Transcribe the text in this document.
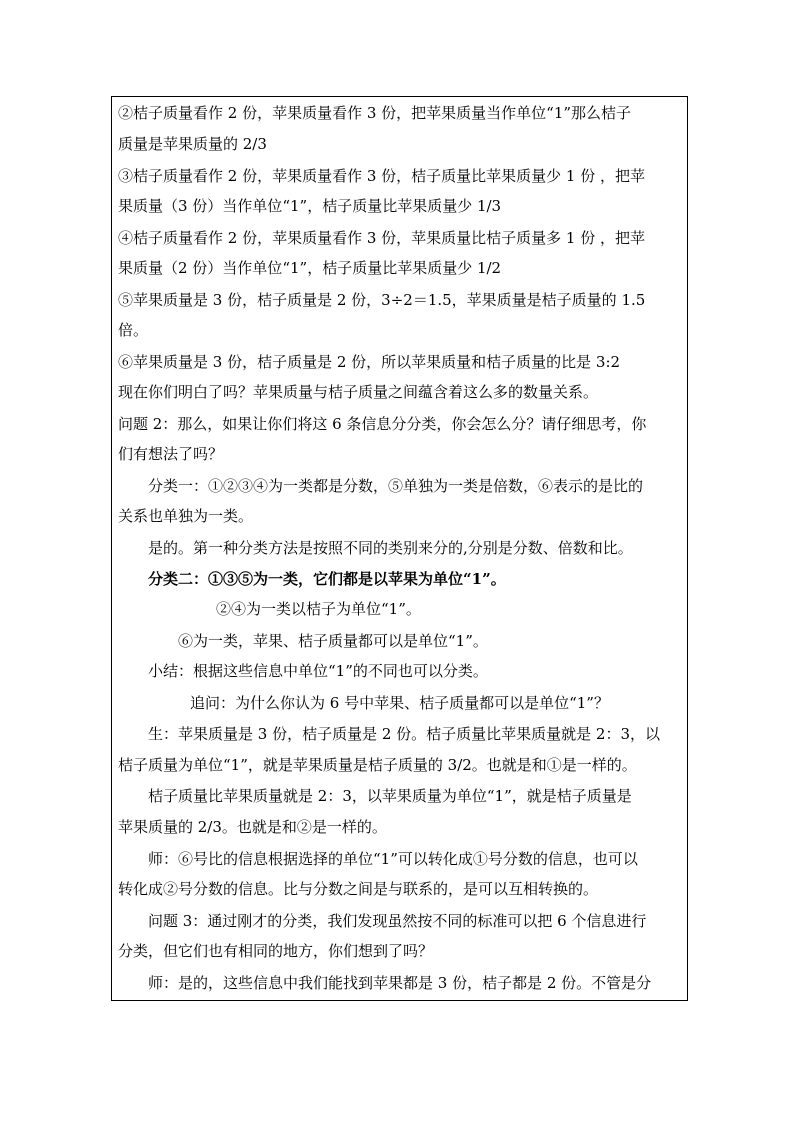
②桔子质量看作 2 份，苹果质量看作 3 份，把苹果质量当作单位“1”那么桔子
质量是苹果质量的 2/3
③桔子质量看作 2 份，苹果质量看作 3 份，桔子质量比苹果质量少 1 份 ，把苹
果质量（3 份）当作单位“1”，桔子质量比苹果质量少 1/3
④桔子质量看作 2 份，苹果质量看作 3 份，苹果质量比桔子质量多 1 份 ，把苹
果质量（2 份）当作单位“1”，桔子质量比苹果质量少 1/2
⑤苹果质量是 3 份，桔子质量是 2 份，3÷2＝1.5，苹果质量是桔子质量的 1.5
倍。
⑥苹果质量是 3 份，桔子质量是 2 份，所以苹果质量和桔子质量的比是 3:2
现在你们明白了吗？苹果质量与桔子质量之间蕴含着这么多的数量关系。
问题 2：那么，如果让你们将这 6 条信息分分类，你会怎么分？请仔细思考，你
们有想法了吗？
分类一：①②③④为一类都是分数，⑤单独为一类是倍数，⑥表示的是比的
关系也单独为一类。
是的。第一种分类方法是按照不同的类别来分的,分别是分数、倍数和比。
分类二：①③⑤为一类，它们都是以苹果为单位“1”。
②④为一类以桔子为单位“1”。
⑥为一类，苹果、桔子质量都可以是单位“1”。
小结：根据这些信息中单位“1”的不同也可以分类。
追问：为什么你认为 6 号中苹果、桔子质量都可以是单位“1”？
生：苹果质量是 3 份，桔子质量是 2 份。桔子质量比苹果质量就是 2：3，以
桔子质量为单位“1”，就是苹果质量是桔子质量的 3/2。也就是和①是一样的。
桔子质量比苹果质量就是 2：3，以苹果质量为单位“1”，就是桔子质量是
苹果质量的 2/3。也就是和②是一样的。
师：⑥号比的信息根据选择的单位“1”可以转化成①号分数的信息，也可以
转化成②号分数的信息。比与分数之间是与联系的，是可以互相转换的。
问题 3：通过刚才的分类，我们发现虽然按不同的标准可以把 6 个信息进行
分类，但它们也有相同的地方，你们想到了吗？
师：是的，这些信息中我们能找到苹果都是 3 份，桔子都是 2 份。不管是分
